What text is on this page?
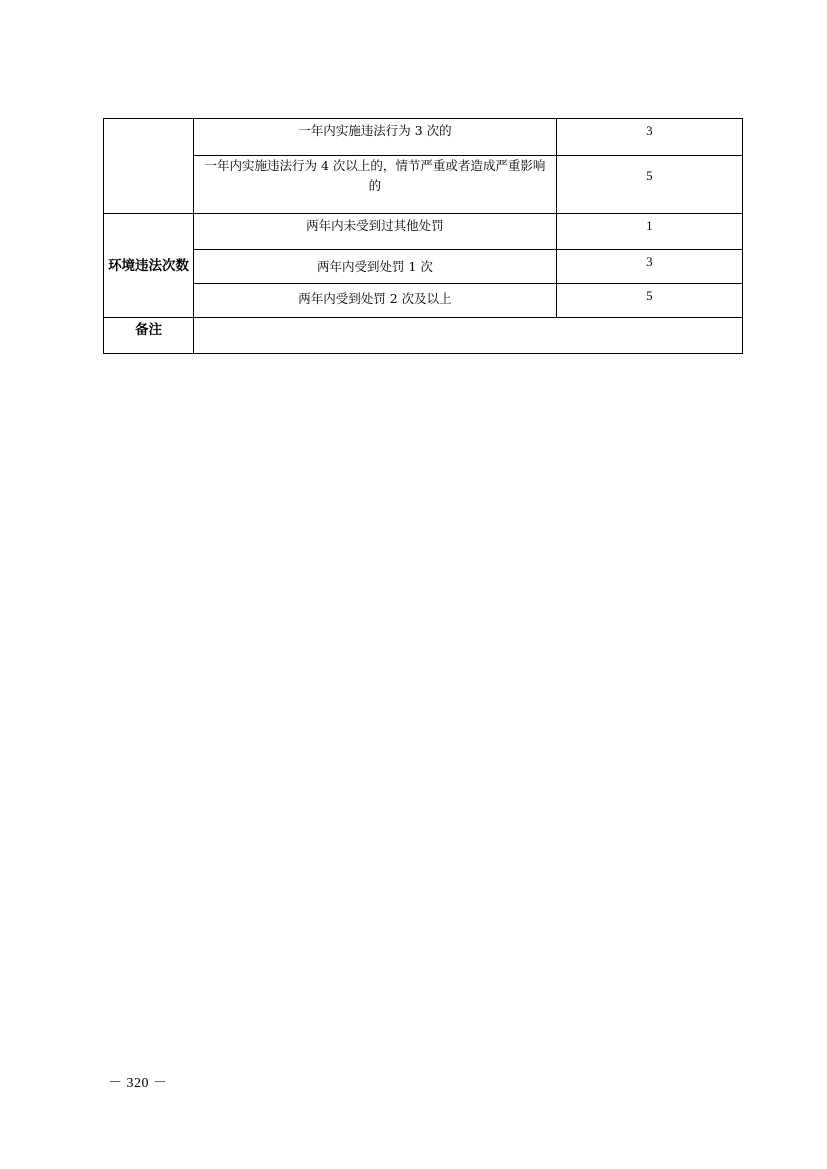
	一年内实施违法行为 3 次的	3

	一年内实施违法行为 4 次以上的，情节严重或者造成严重影响的	5

环境违法次数	两年内未受到过其他处罚	1

	两年内受到处罚 1 次	3

	两年内受到处罚 2 次及以上	5

备注		

－ 320 －
